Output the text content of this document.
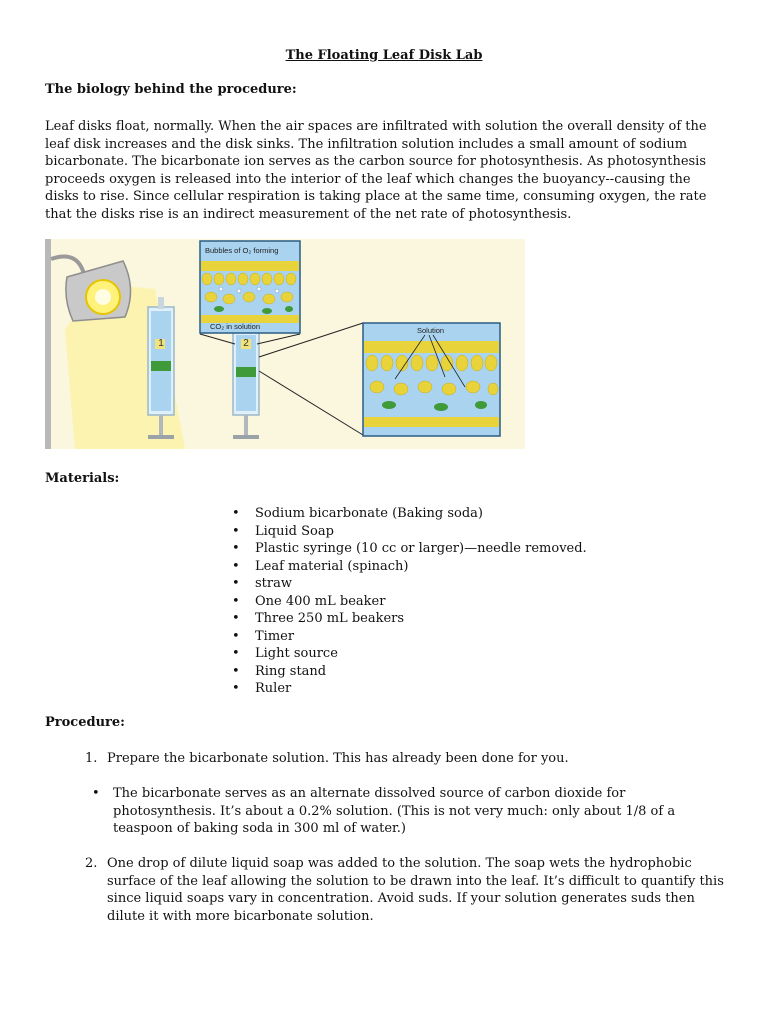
The Floating Leaf Disk Lab
The biology behind the procedure:

Leaf disks float, normally. When the air spaces are infiltrated with solution the overall density of the leaf disk increases and the disk sinks. The infiltration solution includes a small amount of sodium bicarbonate. The bicarbonate ion serves as the carbon source for photosynthesis. As photosynthesis proceeds oxygen is released into the interior of the leaf which changes the buoyancy--causing the disks to rise. Since cellular respiration is taking place at the same time, consuming oxygen, the rate that the disks rise is an indirect measurement of the net rate of photosynthesis.

1	2
Bubbles of O₂ forming
CO₂ in solution	Solution
Materials:
• Sodium bicarbonate (Baking soda)
• Liquid Soap
• Plastic syringe (10 cc or larger)—needle removed.
• Leaf material (spinach)
• straw
• One 400 mL beaker
• Three 250 mL beakers
• Timer
• Light source
• Ring stand
• Ruler
Procedure:
1. Prepare the bicarbonate solution. This has already been done for you.
• The bicarbonate serves as an alternate dissolved source of carbon dioxide for photosynthesis. It’s about a 0.2% solution. (This is not very much: only about 1/8 of a teaspoon of baking soda in 300 ml of water.)
2. One drop of dilute liquid soap was added to the solution. The soap wets the hydrophobic surface of the leaf allowing the solution to be drawn into the leaf. It’s difficult to quantify this since liquid soaps vary in concentration. Avoid suds. If your solution generates suds then dilute it with more bicarbonate solution.
